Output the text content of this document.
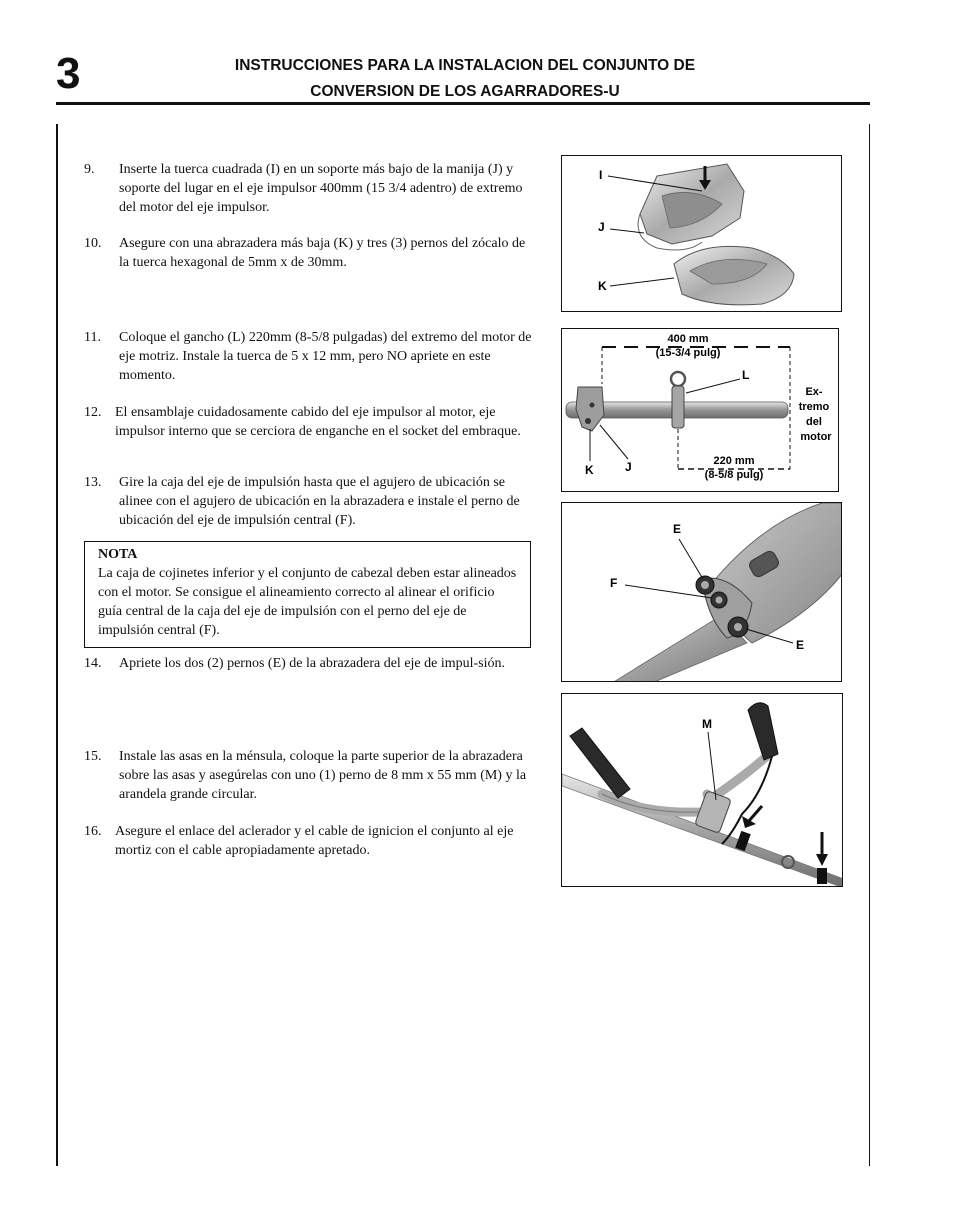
3	INSTRUCCIONES PARA LA INSTALACION DEL CONJUNTO DE
CONVERSION DE LOS AGARRADORES-U
9.	Inserte la tuerca cuadrada (I) en un soporte más bajo de la manija (J) y soporte del lugar en el eje impulsor 400mm (15 3/4 adentro) de extremo del motor del eje impulsor.
10.	Asegure con una abrazadera más baja (K) y tres (3) pernos del zócalo de la tuerca hexagonal de 5mm x de 30mm.
11.	Coloque el gancho (L) 220mm (8-5/8 pulgadas) del extremo del motor de eje motriz. Instale la tuerca de 5 x 12 mm, pero NO apriete en este momento.
12. El ensamblaje cuidadosamente cabido del eje impulsor al motor, eje impulsor interno que se cerciora de enganche en el socket del embraque.
13.	Gire la caja del eje de impulsión hasta que el agujero de ubicación se alinee con el agujero de ubicación en la abrazadera e instale el perno de ubicación del eje de impulsión central (F).
NOTA
La caja de cojinetes inferior y el conjunto de cabezal deben estar alineados con el motor. Se consigue el alineamiento correcto al alinear el orificio guía central de la caja del eje de impulsión con el perno del eje de impulsión central (F).
14.	Apriete los dos (2) pernos (E) de la abrazadera del eje de impul-sión.
15.	Instale las asas en la ménsula, coloque la parte superior de la abrazadera sobre las asas y asegúrelas con uno (1) perno de 8 mm x 55 mm (M) y la arandela grande circular.
16. Asegure el enlace del aclerador y el cable de ignicion el conjunto al eje mortiz con el cable apropiadamente apretado.
I
J
K
400 mm
(15-3/4 pulg)
220 mm
(8-5/8 pulg)
Ex-
tremo
del
motor
L
K	J
E
F
E
M
